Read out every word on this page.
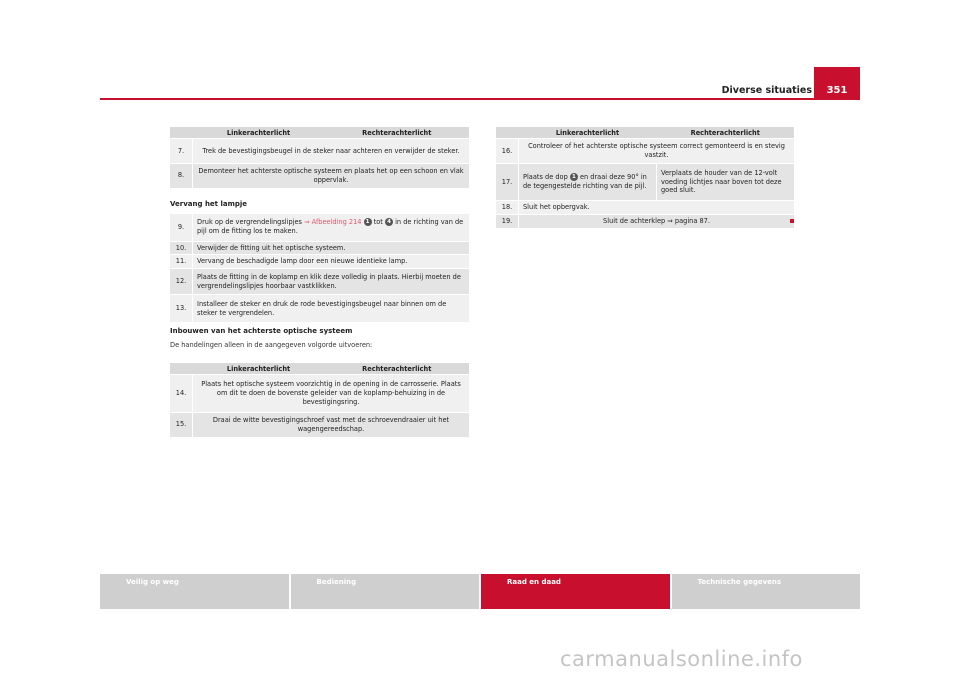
Diverse situaties	351
	Linkerachterlicht	Rechterachterlicht
7.	Trek de bevestigingsbeugel in de steker naar achteren en verwijder de steker.	
8.	Demonteer het achterste optische systeem en plaats het op een schoon en vlak oppervlak.	
Vervang het lampje
9.	Druk op de vergrendelingslipjes ⇒ Afbeelding 214 1 tot 4 in de richting van de pijl om de fitting los te maken.
10.	Verwijder de fitting uit het optische systeem.
11.	Vervang de beschadigde lamp door een nieuwe identieke lamp.
12.	Plaats de fitting in de koplamp en klik deze volledig in plaats. Hierbij moeten de vergrendelingslipjes hoorbaar vastklikken.
13.	Installeer de steker en druk de rode bevestigingsbeugel naar binnen om de steker te vergrendelen.
Inbouwen van het achterste optische systeem
De handelingen alleen in de aangegeven volgorde uitvoeren:
	Linkerachterlicht	Rechterachterlicht
14.	Plaats het optische systeem voorzichtig in de opening in de carrosserie. Plaats om dit te doen de bovenste geleider van de koplamp-behuizing in de bevestigingsring.	
15.	Draai de witte bevestigingschroef vast met de schroevendraaier uit het wagengereedschap.	
	Linkerachterlicht	Rechterachterlicht
16.	Controleer of het achterste optische systeem correct gemonteerd is en stevig vastzit.	
17.	Plaats de dop 1 en draai deze 90° in de tegengestelde richting van de pijl.	Verplaats de houder van de 12-volt voeding lichtjes naar boven tot deze goed sluit.
18.	Sluit het opbergvak.	
19.	Sluit de achterklep ⇒ pagina 87.	
Veilig op weg	Bediening	Raad en daad	Technische gegevens
carmanualsonline.info
